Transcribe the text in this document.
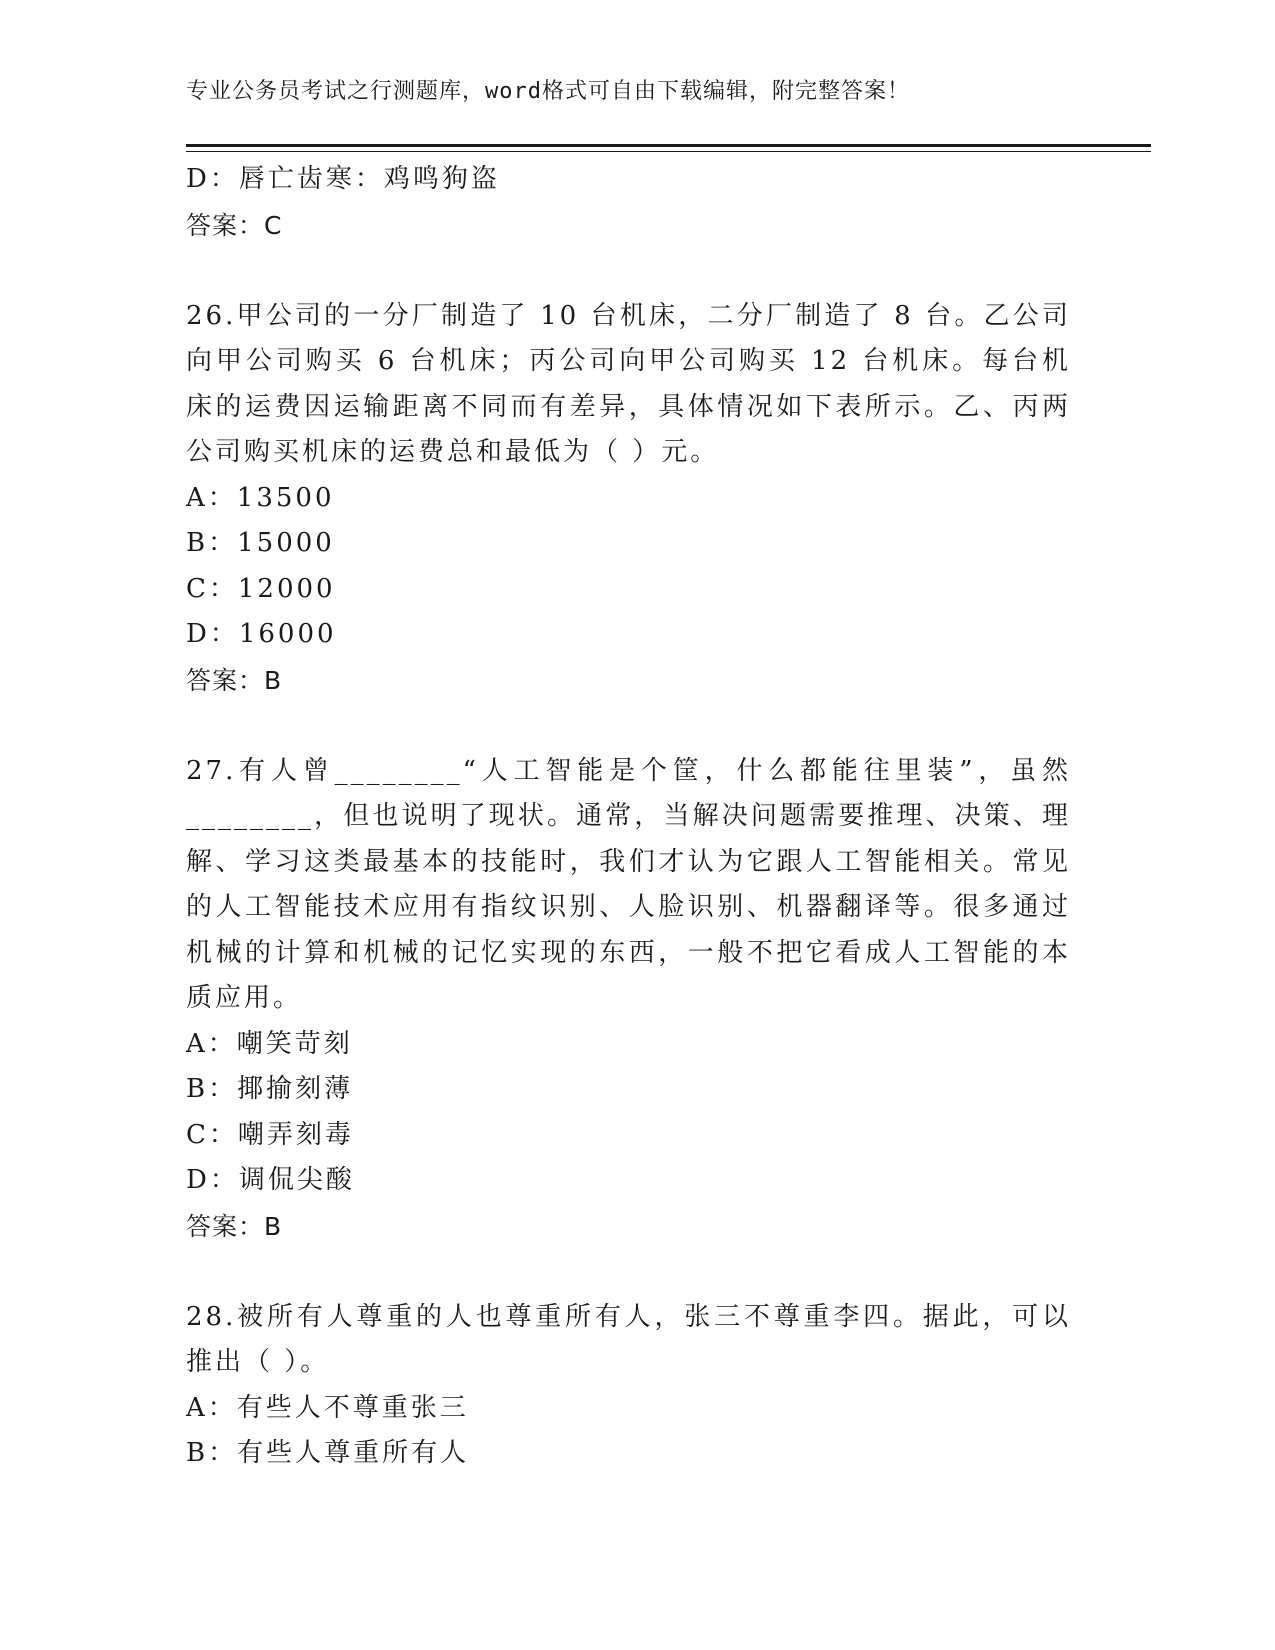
专业公务员考试之行测题库，word格式可自由下载编辑，附完整答案！
D：唇亡齿寒：鸡鸣狗盗
答案：C
26.甲公司的一分厂制造了 10 台机床，二分厂制造了 8 台。乙公司向甲公司购买 6 台机床；丙公司向甲公司购买 12 台机床。每台机床的运费因运输距离不同而有差异，具体情况如下表所示。乙、丙两公司购买机床的运费总和最低为（ ）元。
A：13500
B：15000
C：12000
D：16000
答案：B
27.有人曾________“人工智能是个筐，什么都能往里装”，虽然________，但也说明了现状。通常，当解决问题需要推理、决策、理解、学习这类最基本的技能时，我们才认为它跟人工智能相关。常见的人工智能技术应用有指纹识别、人脸识别、机器翻译等。很多通过机械的计算和机械的记忆实现的东西，一般不把它看成人工智能的本质应用。
A：嘲笑苛刻
B：揶揄刻薄
C：嘲弄刻毒
D：调侃尖酸
答案：B
28.被所有人尊重的人也尊重所有人，张三不尊重李四。据此，可以推出（ ）。
A：有些人不尊重张三
B：有些人尊重所有人
